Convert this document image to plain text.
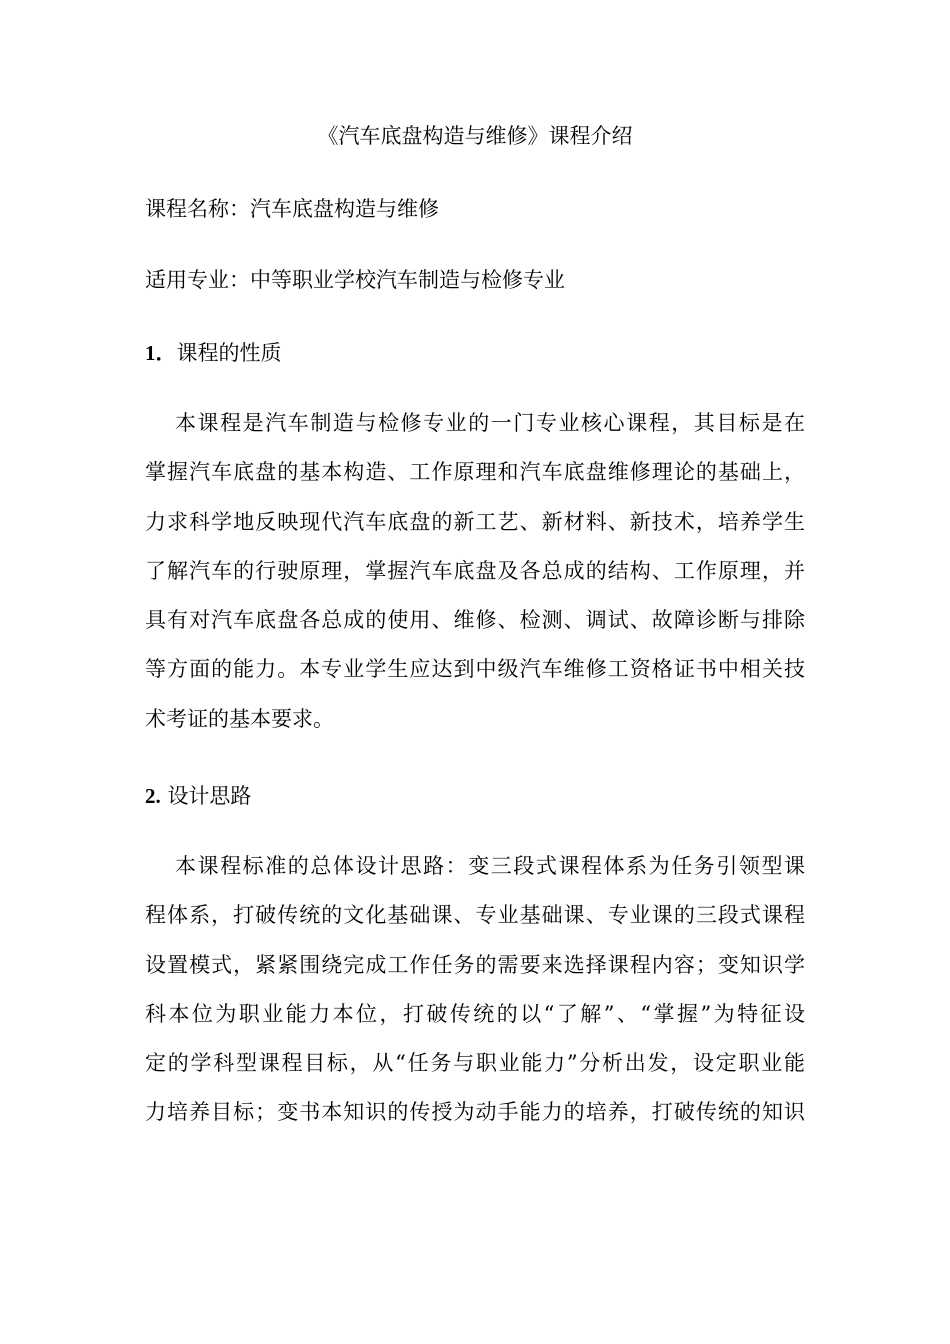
《汽车底盘构造与维修》课程介绍
课程名称：汽车底盘构造与维修
适用专业：中等职业学校汽车制造与检修专业
1．课程的性质
本课程是汽车制造与检修专业的一门专业核心课程，其目标是在
掌握汽车底盘的基本构造、工作原理和汽车底盘维修理论的基础上，
力求科学地反映现代汽车底盘的新工艺、新材料、新技术，培养学生
了解汽车的行驶原理，掌握汽车底盘及各总成的结构、工作原理，并
具有对汽车底盘各总成的使用、维修、检测、调试、故障诊断与排除
等方面的能力。本专业学生应达到中级汽车维修工资格证书中相关技
术考证的基本要求。
2. 设计思路
本课程标准的总体设计思路：变三段式课程体系为任务引领型课
程体系，打破传统的文化基础课、专业基础课、专业课的三段式课程
设置模式，紧紧围绕完成工作任务的需要来选择课程内容；变知识学
科本位为职业能力本位，打破传统的以“了解”、“掌握”为特征设
定的学科型课程目标，从“任务与职业能力”分析出发，设定职业能
力培养目标；变书本知识的传授为动手能力的培养，打破传统的知识
